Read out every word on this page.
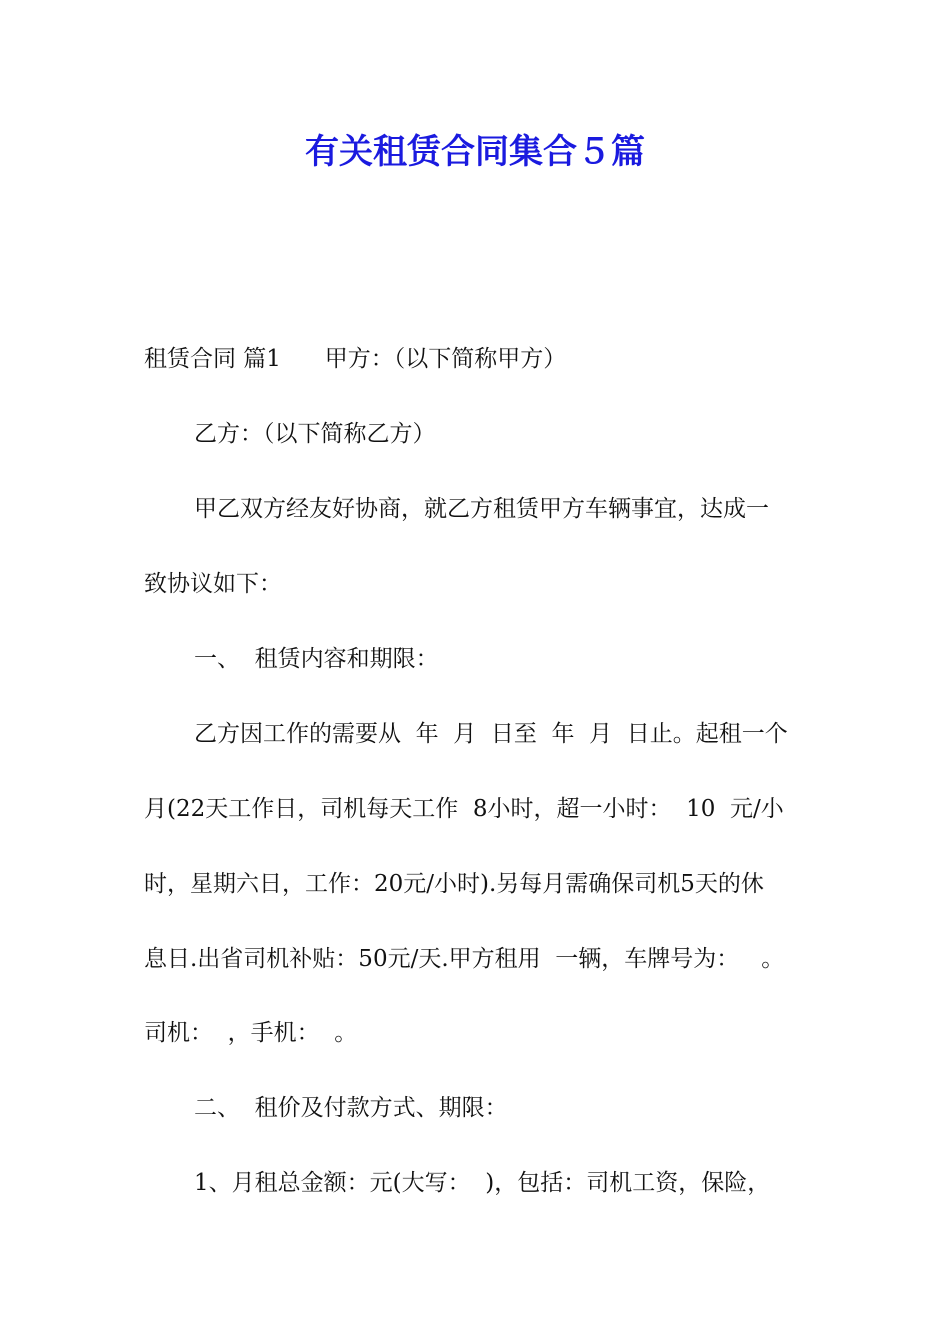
有关租赁合同集合５篇
租赁合同 篇1      甲方：（以下简称甲方）
乙方：（以下简称乙方）
甲乙双方经友好协商，就乙方租赁甲方车辆事宜，达成一
致协议如下：
一、  租赁内容和期限：
乙方因工作的需要从  年  月  日至  年  月  日止。起租一个
月(22天工作日，司机每天工作  8小时，超一小时：  10  元/小
时，星期六日，工作：20元/小时).另每月需确保司机5天的休
息日.出省司机补贴：50元/天.甲方租用  一辆，车牌号为：   。
司机：  ，手机：  。
二、  租价及付款方式、期限：
1、月租总金额：元(大写：  )，包括：司机工资，保险，
